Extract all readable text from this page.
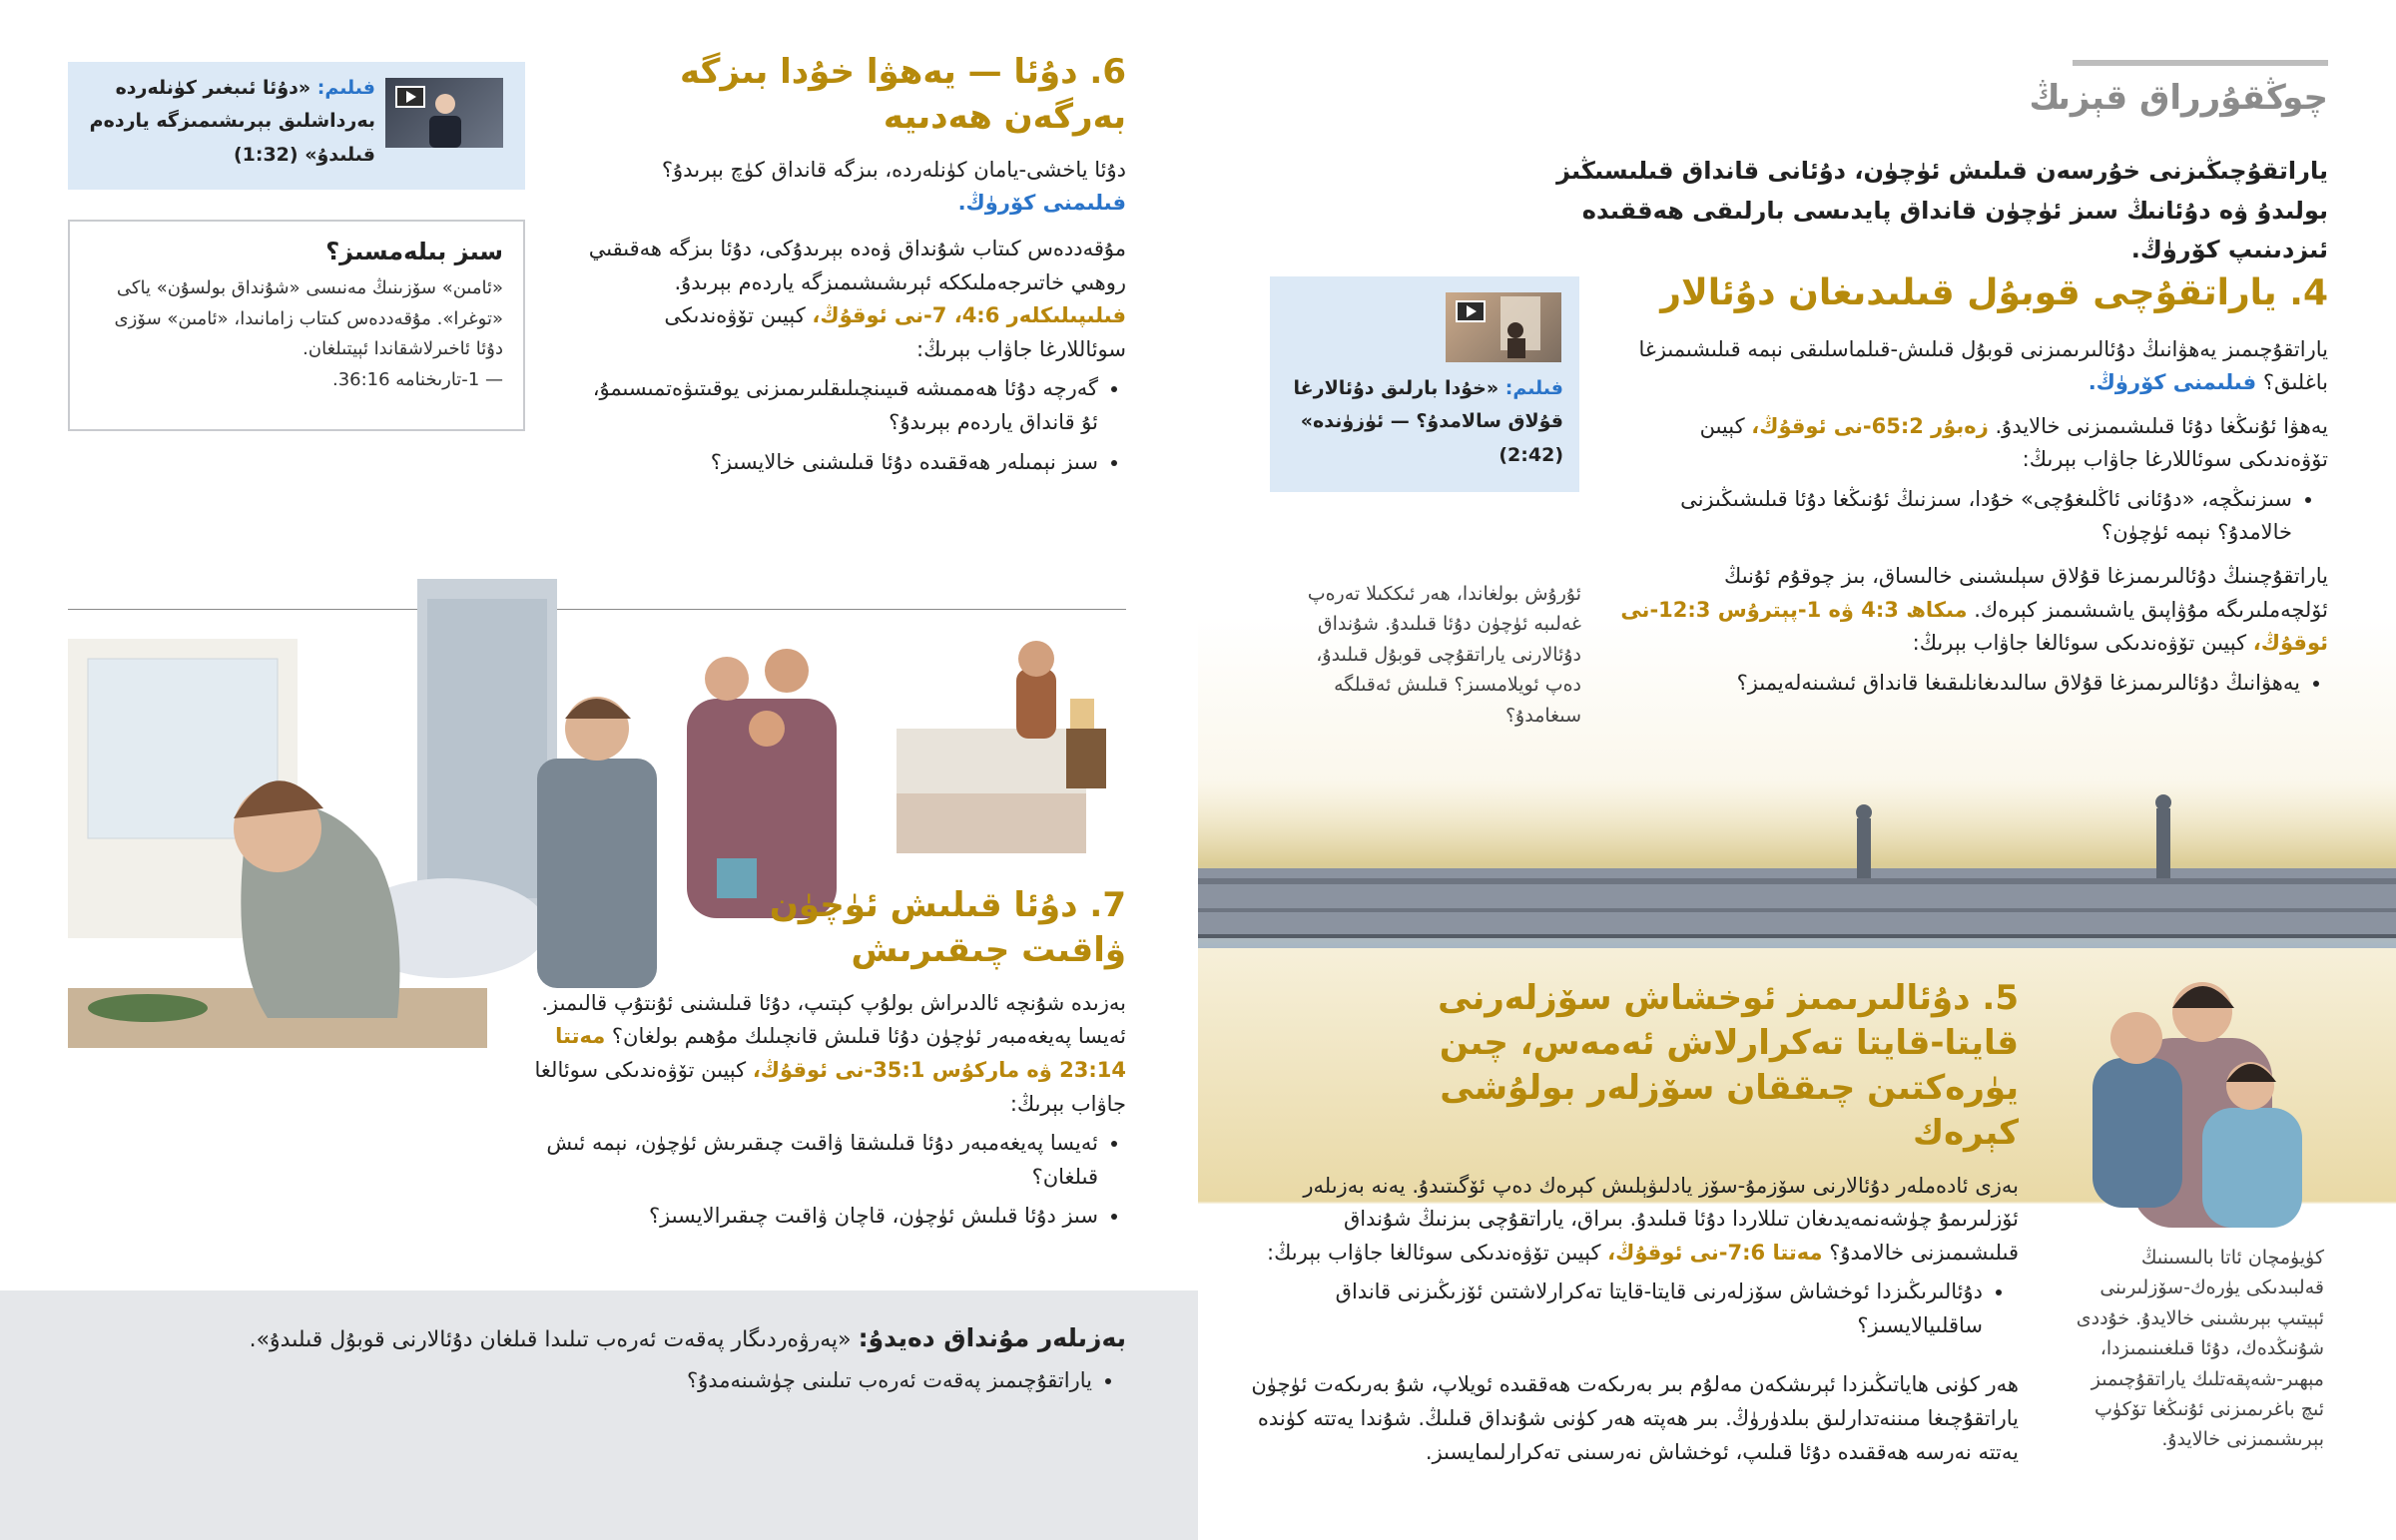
فىلىم: «دۇئا ئىبغىر كۈنلەردە بەرداشلىق بېرىشىمىزگە ياردەم قىلىدۇ» (1:32)
سىز بىلەمسىز؟
«ئامىن» سۆزىنىڭ مەنىسى «شۇنداق بولسۇن» ياكى «توغرا». مۇقەددەس كىتاب زامانىدا، «ئامىن» سۆزى دۇئا ئاخىرلاشقاندا ئېيتىلغان.
— 1-تارىخنامە 36:16.
6. دۇئا — يەھۋا خۇدا بىزگە بەرگەن ھەدىيە

دۇئا ياخشى-يامان كۈنلەردە، بىزگە قانداق كۈچ بېرىدۇ؟ فىلىمنى كۆرۈڭ.

مۇقەددەس كىتاب شۇنداق ۋەدە بېرىدۇكى، دۇئا بىزگە ھەقىقىي روھىي خاتىرجەملىككە ئېرىشىشىمىزگە ياردەم بېرىدۇ. فىلىپىلىكلەر 4:6، 7-نى ئوقۇڭ، كېيىن تۆۋەندىكى سوئاللارغا جاۋاب بېرىڭ:

• گەرچە دۇئا ھەممىشە قىيىنچىلىقلىرىمىزنى يوقىتىۋەتمىسىمۇ، ئۇ قانداق ياردەم بېرىدۇ؟
• سىز نېمىلەر ھەققىدە دۇئا قىلىشنى خالايسىز؟
7. دۇئا قىلىش ئۈچۈن ۋاقىت چىقىرىش

بەزىدە شۇنچە ئالدىراش بولۇپ كېتىپ، دۇئا قىلىشنى ئۇنتۇپ قالىمىز. ئەيسا پەيغەمبەر ئۈچۈن دۇئا قىلىش قانچىلىك مۇھىم بولغان؟ مەتتا 23:14 ۋە ماركۇس 35:1-نى ئوقۇڭ، كېيىن تۆۋەندىكى سوئالغا جاۋاب بېرىڭ:

• ئەيسا پەيغەمبەر دۇئا قىلىشقا ۋاقىت چىقىرىش ئۈچۈن، نېمە ئىش قىلغان؟
• سىز دۇئا قىلىش ئۈچۈن، قاچان ۋاقىت چىقىرالايسىز؟
بەزىلەر مۇنداق دەيدۇ: «پەرۋەردىگار پەقەت ئەرەب تىلىدا قىلغان دۇئالارنى قوبۇل قىلىدۇ».
• ياراتقۇچىمىز پەقەت ئەرەب تىلىنى چۈشىنەمدۇ؟
چوڭقۇرراق قېزىڭ
ياراتقۇچىڭىزنى خۇرسەن قىلىش ئۈچۈن، دۇئانى قانداق قىلىسىڭىز بولىدۇ ۋە دۇئانىڭ سىز ئۈچۈن قانداق پايدىسى بارلىقى ھەققىدە ئىزدىنىپ كۆرۈڭ.
فىلىم: «خۇدا بارلىق دۇئالارغا قۇلاق سالامدۇ؟ — ئۈزۈندە» (2:42)
4. ياراتقۇچى قوبۇل قىلىدىغان دۇئالار

ياراتقۇچىمىز يەھۋانىڭ دۇئالىرىمىزنى قوبۇل قىلىش-قىلماسلىقى نېمە قىلىشىمىزغا باغلىق؟ فىلىمنى كۆرۈڭ.

يەھۋا ئۇنىڭغا دۇئا قىلىشىمىزنى خالايدۇ. زەبۇر 65:2-نى ئوقۇڭ، كېيىن تۆۋەندىكى سوئاللارغا جاۋاب بېرىڭ:

• سىزنىڭچە، «دۇئانى ئاڭلىغۇچى» خۇدا، سىزنىڭ ئۇنىڭغا دۇئا قىلىشىڭىزنى خالامدۇ؟ نېمە ئۈچۈن؟

ياراتقۇچىنىڭ دۇئالىرىمىزغا قۇلاق سېلىشىنى خالىساق، بىز چوقۇم ئۇنىڭ ئۆلچەملىرىگە مۇۋاپىق ياشىشىمىز كېرەك. مىكاھ 4:3 ۋە 1-پېترۇس 12:3-نى ئوقۇڭ، كېيىن تۆۋەندىكى سوئالغا جاۋاب بېرىڭ:

• يەھۋانىڭ دۇئالىرىمىزغا قۇلاق سالىدىغانلىقىغا قانداق ئىشىنەلەيمىز؟
ئۇرۇش بولغاندا، ھەر ئىككىلا تەرەپ غەلىبە ئۈچۈن دۇئا قىلىدۇ. شۇنداق دۇئالارنى ياراتقۇچى قوبۇل قىلىدۇ، دەپ ئويلامسىز؟ قىلىش ئەقىلگە سىغامدۇ؟
5. دۇئالىرىمىز ئوخشاش سۆزلەرنى قايتا-قايتا تەكرارلاش ئەمەس، چىن يۈرەكتىن چىققان سۆزلەر بولۇشى كېرەك

بەزى ئادەملەر دۇئالارنى سۆزمۇ-سۆز يادلىۋېلىش كېرەك دەپ ئۆگىتىدۇ. يەنە بەزىلەر ئۆزلىرىمۇ چۈشەنمەيدىغان تىللاردا دۇئا قىلىدۇ. بىراق، ياراتقۇچى بىزنىڭ شۇنداق قىلىشىمىزنى خالامدۇ؟ مەتتا 7:6-نى ئوقۇڭ، كېيىن تۆۋەندىكى سوئالغا جاۋاب بېرىڭ:

• دۇئالىرىڭىزدا ئوخشاش سۆزلەرنى قايتا-قايتا تەكرارلاشتىن ئۆزىڭىزنى قانداق ساقلىيالايسىز؟

ھەر كۈنى ھاياتىڭىزدا ئېرىشكەن مەلۇم بىر بەرىكەت ھەققىدە ئويلاپ، شۇ بەرىكەت ئۈچۈن ياراتقۇچىغا مىننەتدارلىق بىلدۈرۈڭ. بىر ھەپتە ھەر كۈنى شۇنداق قىلىڭ. شۇندا يەتتە كۈندە يەتتە نەرسە ھەققىدە دۇئا قىلىپ، ئوخشاش نەرسىنى تەكرارلىمايسىز.

كۈيۈمچان ئاتا بالىسىنىڭ قەلبىدىكى يۈرەك-سۆزلىرىنى ئېيتىپ بېرىشىنى خالايدۇ. خۇددى شۇنىڭدەك، دۇئا قىلغىنىمىزدا، مېھىر-شەپقەتلىك ياراتقۇچىمىز ئىچ باغرىمىزنى ئۇنىڭغا تۆكۈپ بېرىشىمىزنى خالايدۇ.
